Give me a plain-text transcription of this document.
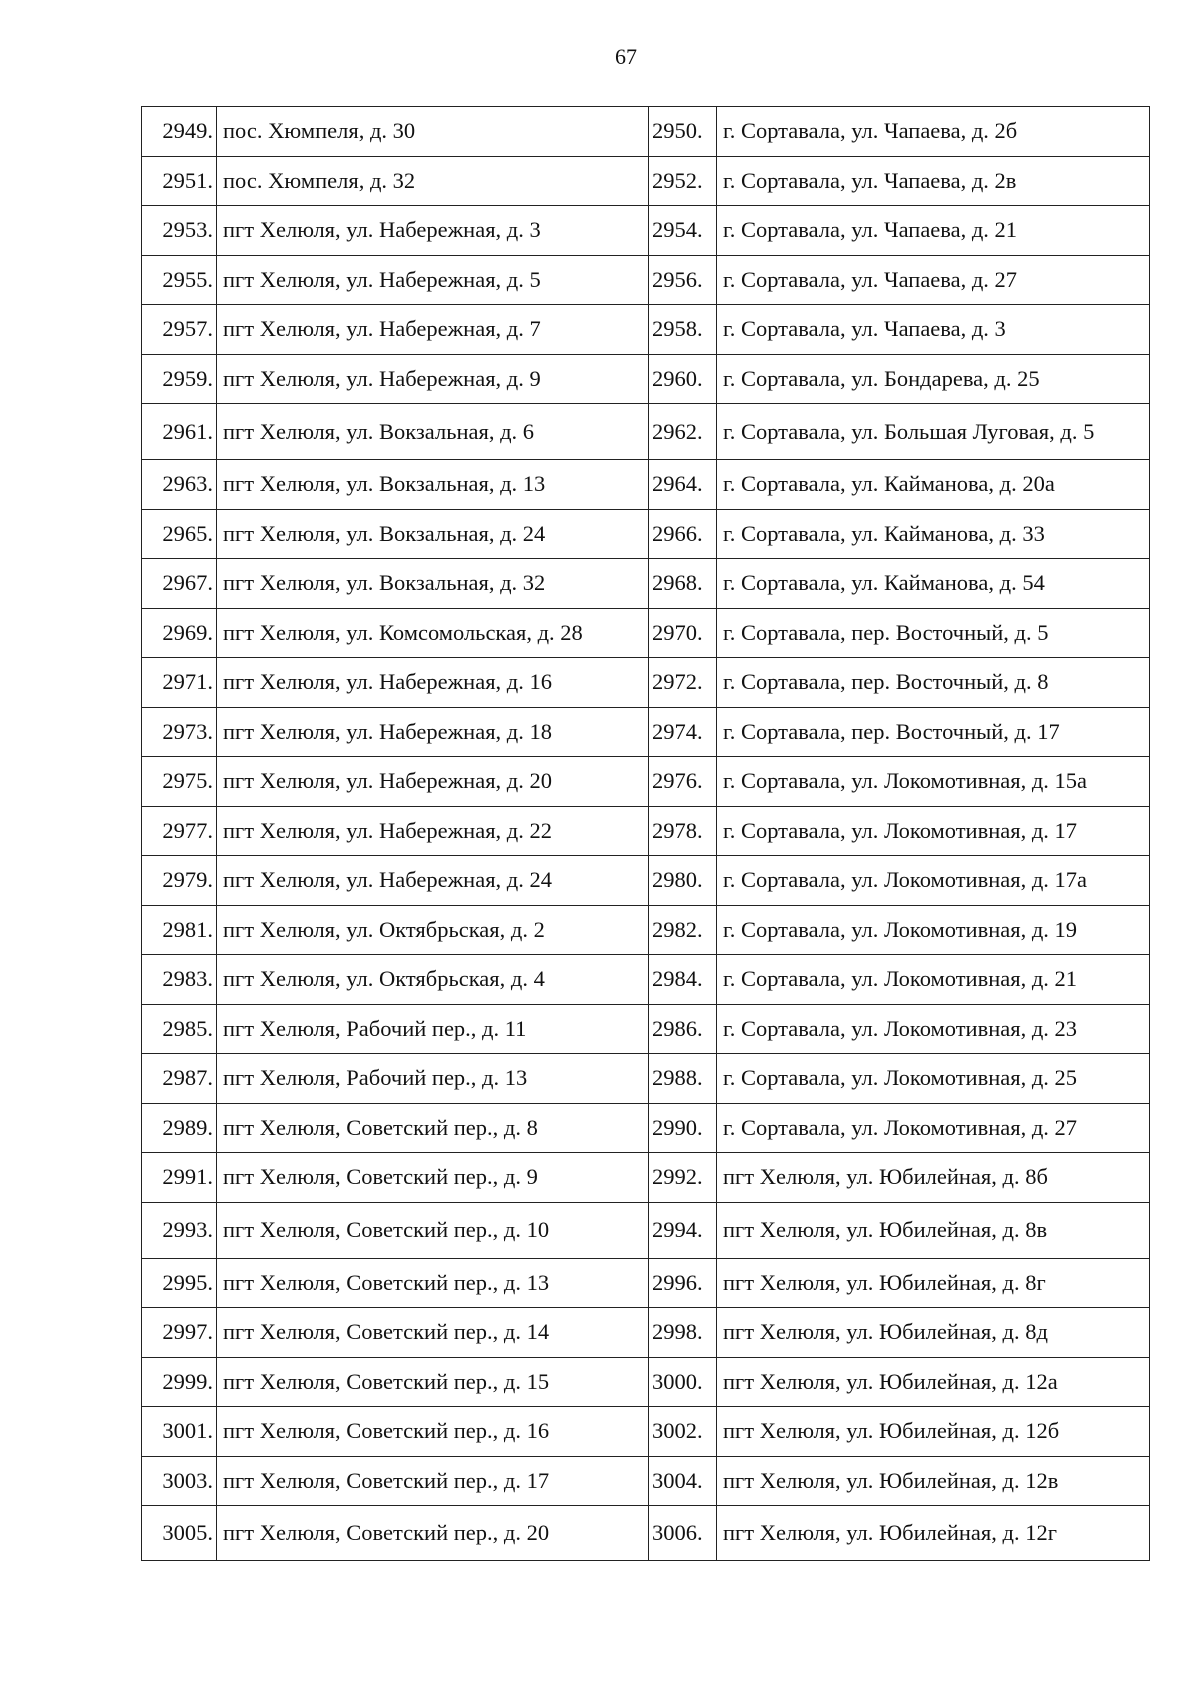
67
2949.	пос. Хюмпеля, д. 30	2950.	г. Сортавала, ул. Чапаева, д. 2б
2951.	пос. Хюмпеля, д. 32	2952.	г. Сортавала, ул. Чапаева, д. 2в
2953.	пгт Хелюля, ул. Набережная, д. 3	2954.	г. Сортавала, ул. Чапаева, д. 21
2955.	пгт Хелюля, ул. Набережная, д. 5	2956.	г. Сортавала, ул. Чапаева, д. 27
2957.	пгт Хелюля, ул. Набережная, д. 7	2958.	г. Сортавала, ул. Чапаева, д. 3
2959.	пгт Хелюля, ул. Набережная, д. 9	2960.	г. Сортавала, ул. Бондарева, д. 25
2961.	пгт Хелюля, ул. Вокзальная, д. 6	2962.	г. Сортавала, ул. Большая Луговая, д. 5
2963.	пгт Хелюля, ул. Вокзальная, д. 13	2964.	г. Сортавала, ул. Кайманова, д. 20а
2965.	пгт Хелюля, ул. Вокзальная, д. 24	2966.	г. Сортавала, ул. Кайманова, д. 33
2967.	пгт Хелюля, ул. Вокзальная, д. 32	2968.	г. Сортавала, ул. Кайманова, д. 54
2969.	пгт Хелюля, ул. Комсомольская, д. 28	2970.	г. Сортавала, пер. Восточный, д. 5
2971.	пгт Хелюля, ул. Набережная, д. 16	2972.	г. Сортавала, пер. Восточный, д. 8
2973.	пгт Хелюля, ул. Набережная, д. 18	2974.	г. Сортавала, пер. Восточный, д. 17
2975.	пгт Хелюля, ул. Набережная, д. 20	2976.	г. Сортавала, ул. Локомотивная, д. 15а
2977.	пгт Хелюля, ул. Набережная, д. 22	2978.	г. Сортавала, ул. Локомотивная, д. 17
2979.	пгт Хелюля, ул. Набережная, д. 24	2980.	г. Сортавала, ул. Локомотивная, д. 17а
2981.	пгт Хелюля, ул. Октябрьская, д. 2	2982.	г. Сортавала, ул. Локомотивная, д. 19
2983.	пгт Хелюля, ул. Октябрьская, д. 4	2984.	г. Сортавала, ул. Локомотивная, д. 21
2985.	пгт Хелюля, Рабочий пер., д. 11	2986.	г. Сортавала, ул. Локомотивная, д. 23
2987.	пгт Хелюля, Рабочий пер., д. 13	2988.	г. Сортавала, ул. Локомотивная, д. 25
2989.	пгт Хелюля, Советский пер., д. 8	2990.	г. Сортавала, ул. Локомотивная, д. 27
2991.	пгт Хелюля, Советский пер., д. 9	2992.	пгт Хелюля, ул. Юбилейная, д. 8б
2993.	пгт Хелюля, Советский пер., д. 10	2994.	пгт Хелюля, ул. Юбилейная, д. 8в
2995.	пгт Хелюля, Советский пер., д. 13	2996.	пгт Хелюля, ул. Юбилейная, д. 8г
2997.	пгт Хелюля, Советский пер., д. 14	2998.	пгт Хелюля, ул. Юбилейная, д. 8д
2999.	пгт Хелюля, Советский пер., д. 15	3000.	пгт Хелюля, ул. Юбилейная, д. 12а
3001.	пгт Хелюля, Советский пер., д. 16	3002.	пгт Хелюля, ул. Юбилейная, д. 12б
3003.	пгт Хелюля, Советский пер., д. 17	3004.	пгт Хелюля, ул. Юбилейная, д. 12в
3005.	пгт Хелюля, Советский пер., д. 20	3006.	пгт Хелюля, ул. Юбилейная, д. 12г
